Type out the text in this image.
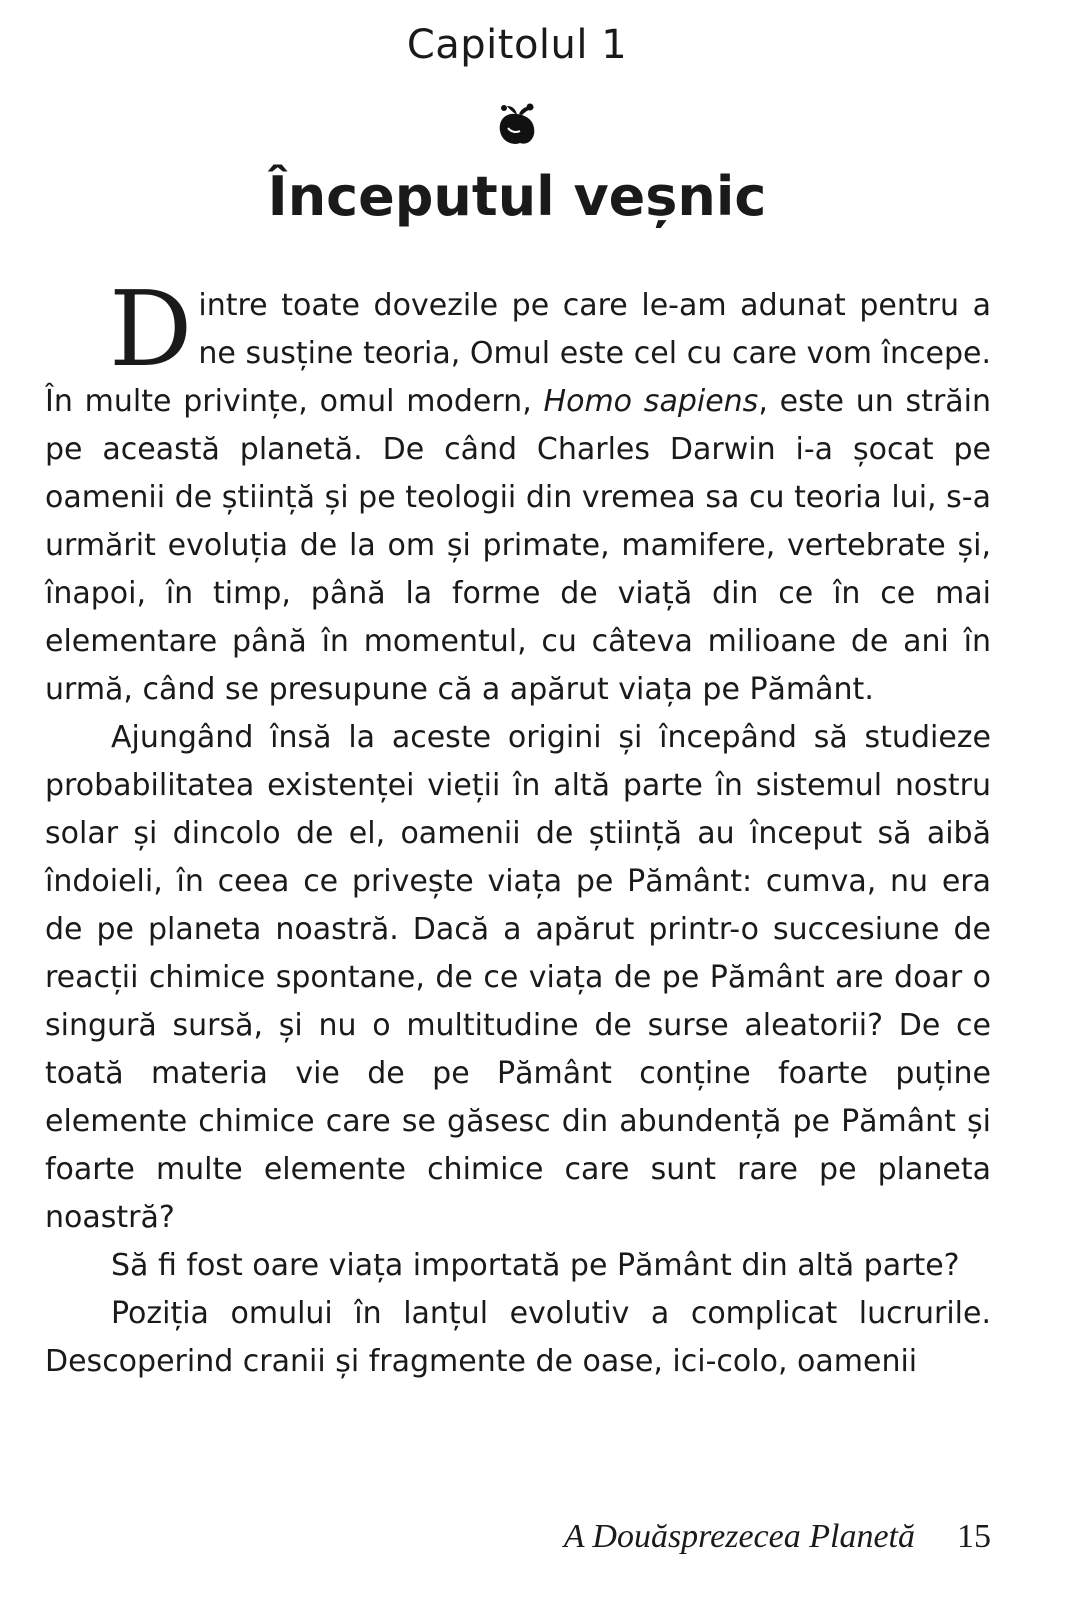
Capitolul 1
Începutul veșnic

Dintre toate dovezile pe care le-am adunat pentru a ne susține teoria, Omul este cel cu care vom începe. În multe privințe, omul modern, Homo sapiens, este un străin pe această planetă. De când Charles Darwin i-a șocat pe oamenii de știință și pe teologii din vremea sa cu teoria lui, s-a urmărit evoluția de la om și primate, mamifere, vertebrate și, înapoi, în timp, până la forme de viață din ce în ce mai elementare până în momentul, cu câteva milioane de ani în urmă, când se presupune că a apărut viața pe Pământ.

Ajungând însă la aceste origini și începând să studieze probabilitatea existenței vieții în altă parte în sistemul nostru solar și dincolo de el, oamenii de știință au început să aibă îndoieli, în ceea ce privește viața pe Pământ: cumva, nu era de pe planeta noastră. Dacă a apărut printr-o succesiune de reacții chimice spontane, de ce viața de pe Pământ are doar o singură sursă, și nu o multitudine de surse aleatorii? De ce toată materia vie de pe Pământ conține foarte puține elemente chimice care se găsesc din abundență pe Pământ și foarte multe elemente chimice care sunt rare pe planeta noastră?

Să fi fost oare viața importată pe Pământ din altă parte?

Poziția omului în lanțul evolutiv a complicat lucrurile. Descoperind cranii și fragmente de oase, ici-colo, oamenii

A Douăsprezecea Planetă 15
